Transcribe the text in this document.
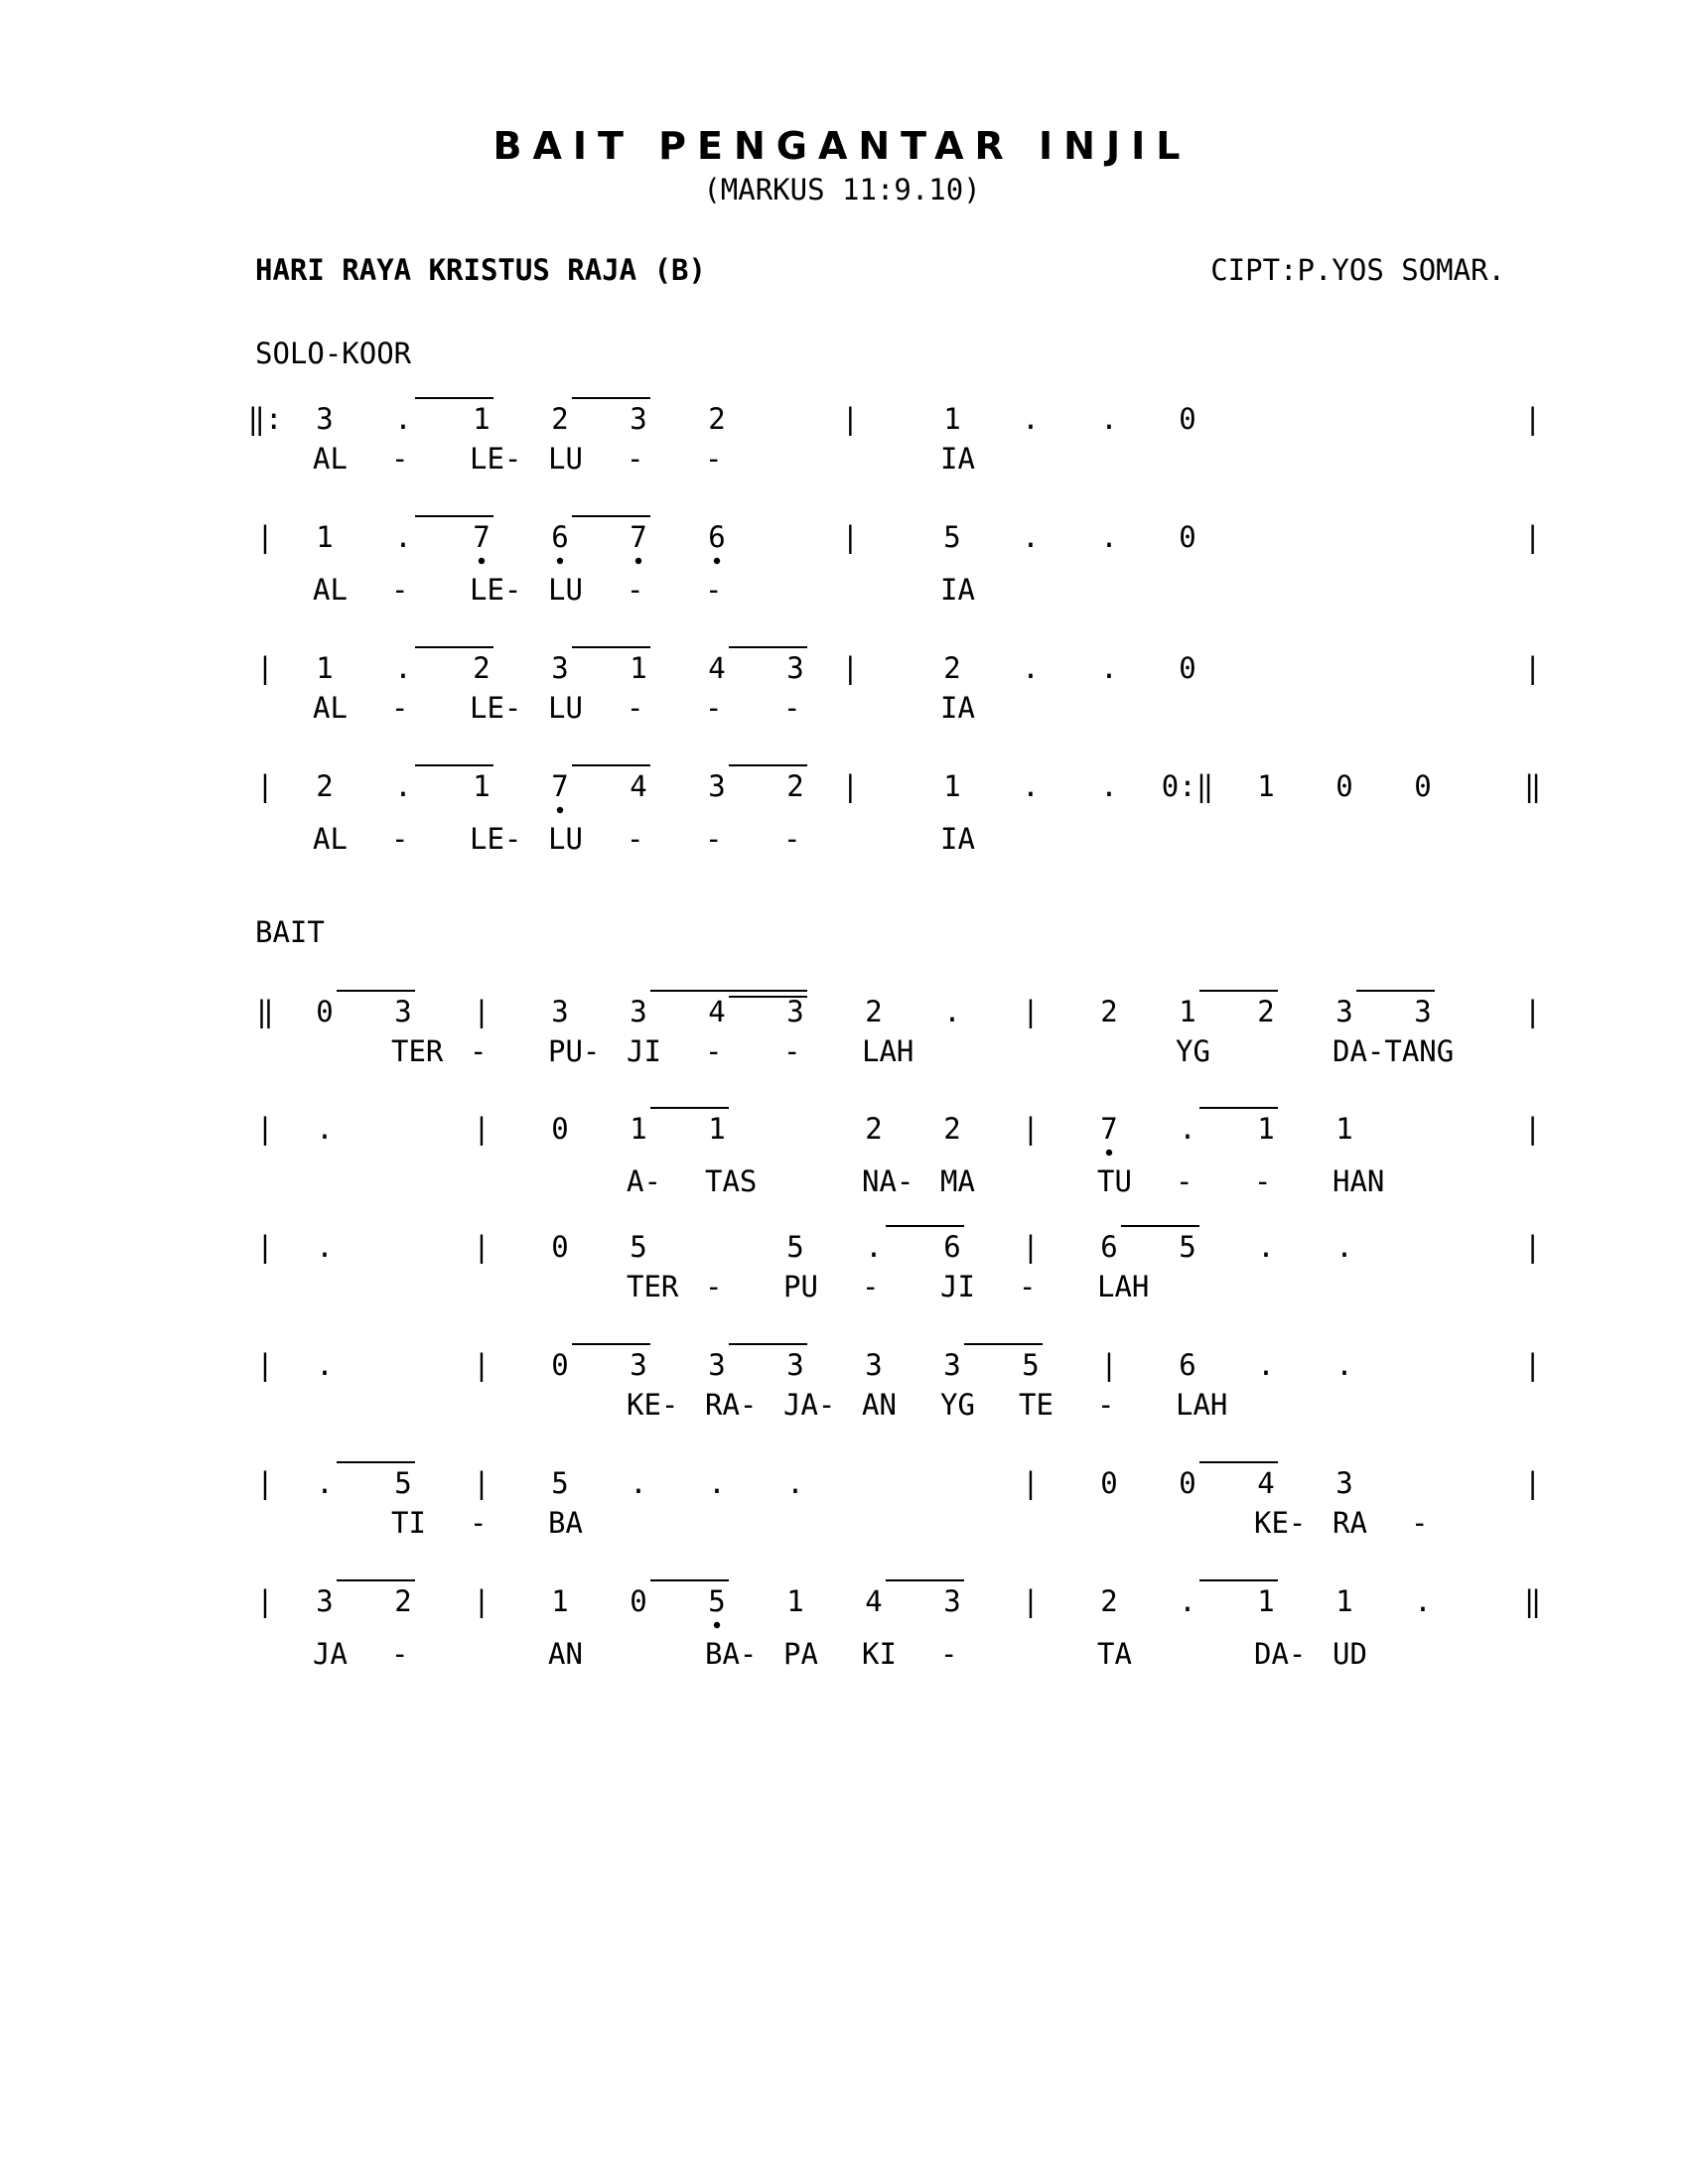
BAIT PENGANTAR INJIL
(MARKUS 11:9.10)
HARI RAYA KRISTUS RAJA (B)	CIPT:P.YOS SOMAR.
SOLO-KOOR
BAIT
‖: 3 . 1 2 3 2	|	1 . . 0	|
AL - LE- LU - -	IA
| 1 . 7 6 7 6	|	5 . . 0	|
AL - LE- LU - -	IA
| 1 . 2 3 1 4 3 |	2 . . 0	|
AL - LE- LU - - -	IA
| 2 . 1 7 4 3 2 |	1 . . 0:‖ 1 0 0	‖
AL - LE- LU - - -	IA
‖ 0 3 | 3 3 4 3 2 . | 2 1 2 3 3	|
TER - PU- JI - - LAH	YG	DA-TANG
| .	| 0 1 1	2 2 | 7 . 1 1	|
A- TAS	NA- MA	TU - - HAN
| .	| 0 5	5 . 6 | 6 5 . .	|
TER - PU - JI - LAH
| .	| 0 3 3 3 3 3 5 | 6 . .	|
KE- RA- JA- AN YG TE - LAH
| . 5 | 5 . . .	| 0 0 4 3	|
TI - BA	KE- RA -
| 3 2 | 1 0 5 1 4 3 | 2 . 1 1 .	‖
JA -	AN	BA- PA KI -	TA	DA- UD
